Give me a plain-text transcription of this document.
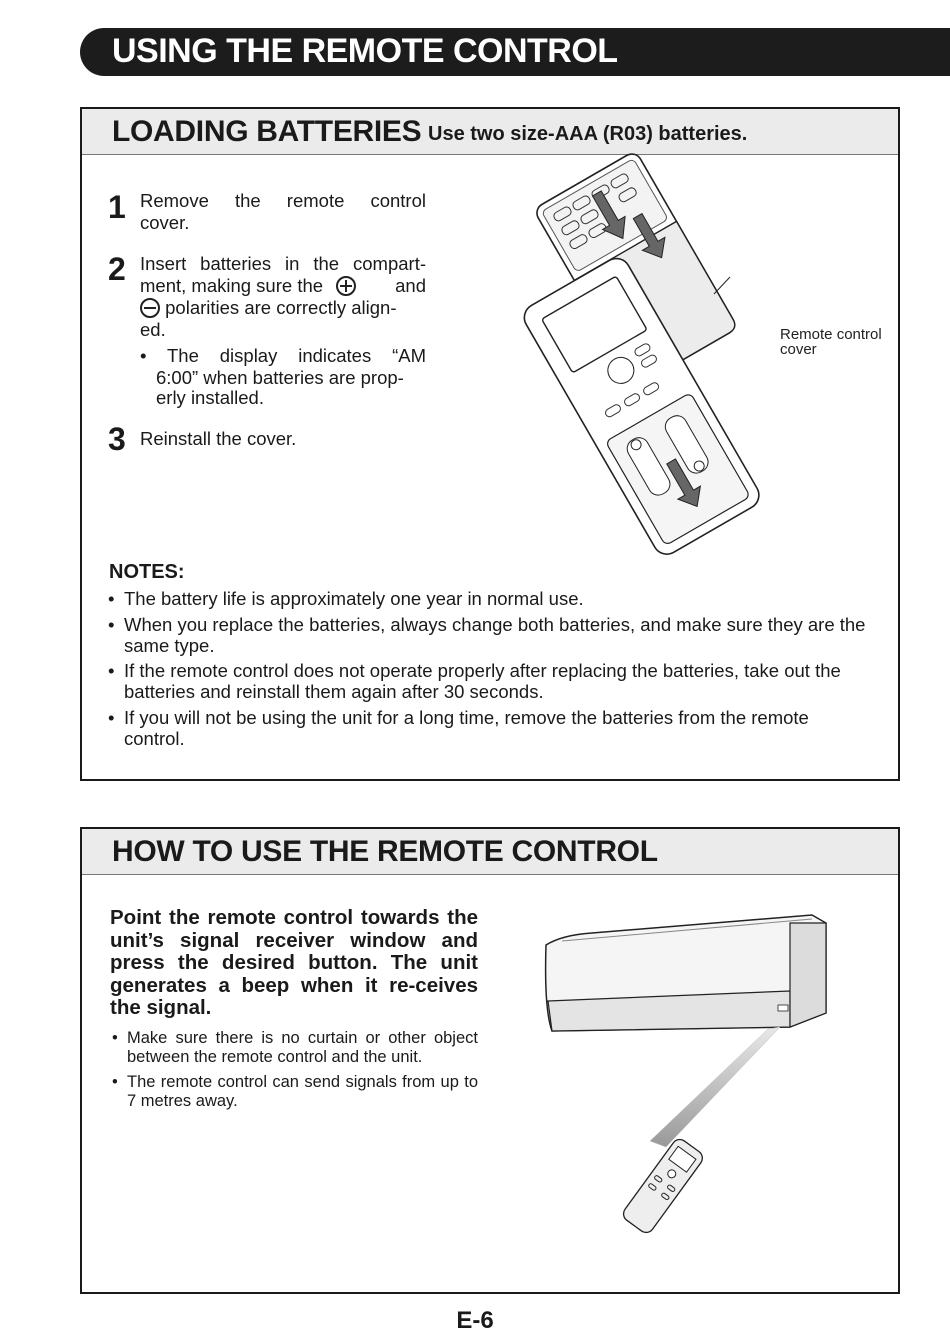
USING THE REMOTE CONTROL
LOADING BATTERIES Use two size-AAA (R03) batteries.
1 Remove the remote control
cover.
2 Insert batteries in the compart-
ment, making sure the	and
polarities are correctly align-
ed.
• The display indicates “AM
6:00” when batteries are prop-
erly installed.
3 Reinstall the cover.
Remote control
cover
NOTES:
• The battery life is approximately one year in normal use.
• When you replace the batteries, always change both batteries, and make sure they are the same type.
• If the remote control does not operate properly after replacing the batteries, take out the batteries and reinstall them again after 30 seconds.
• If you will not be using the unit for a long time, remove the batteries from the remote control.
HOW TO USE THE REMOTE CONTROL
Point the remote control towards the unit’s signal receiver window and press the desired button. The unit generates a beep when it re-ceives the signal.
• Make sure there is no curtain or other object between the remote control and the unit.
• The remote control can send signals from up to 7 metres away.
E-6
